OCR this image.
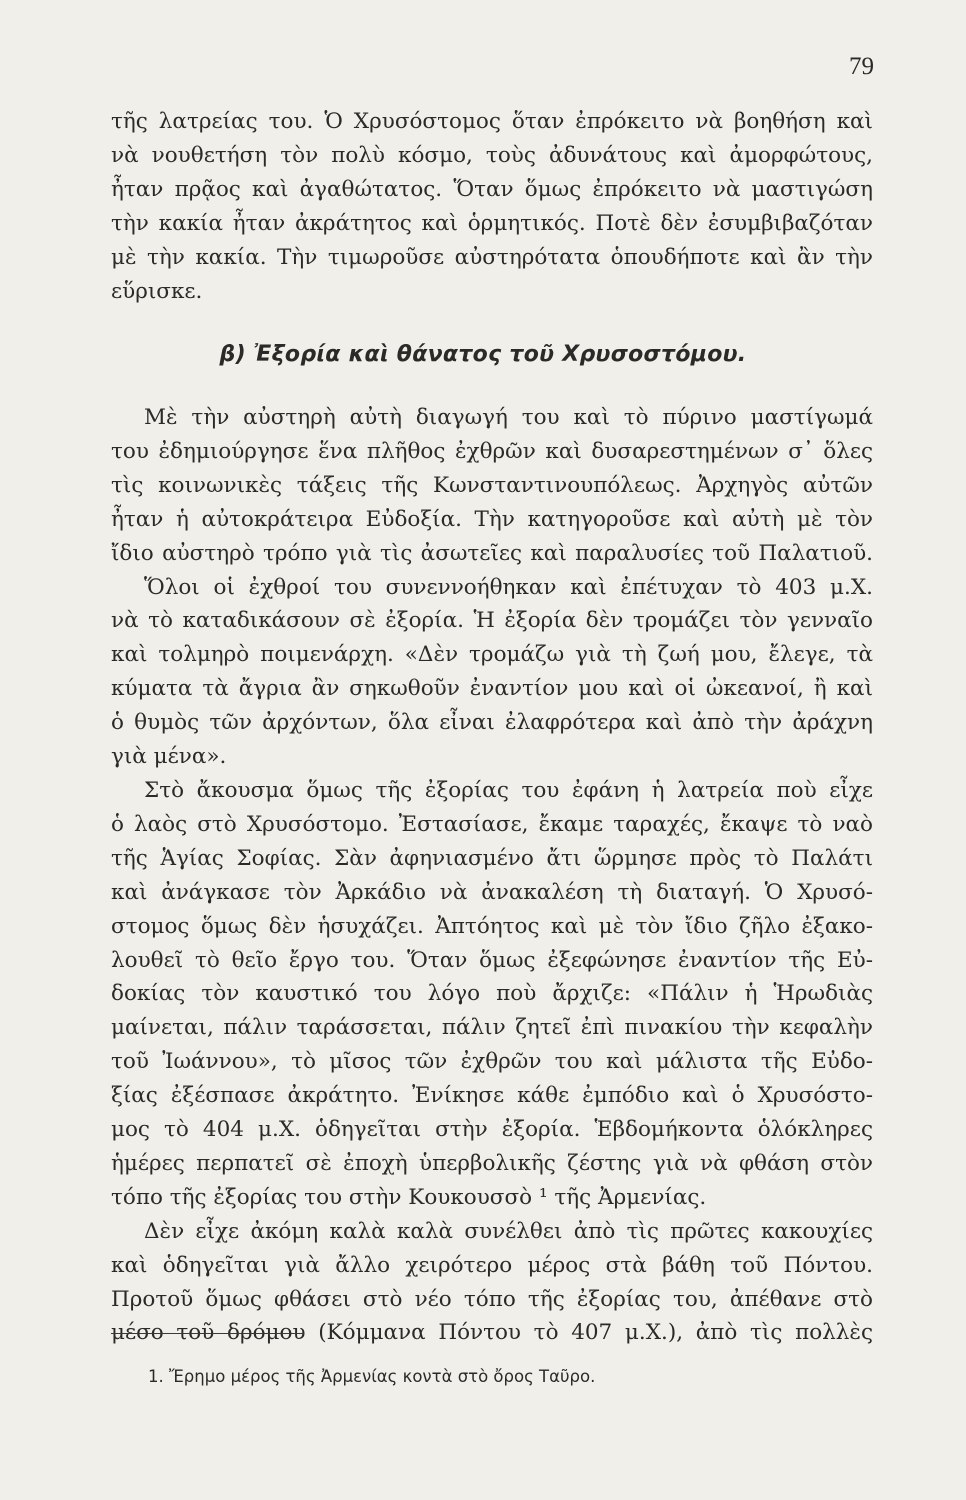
79
τῆς λατρείας του. Ὁ Χρυσόστομος ὅταν ἐπρόκειτο νὰ βοηθήση καὶ
νὰ νουθετήση τὸν πολὺ κόσμο, τοὺς ἀδυνάτους καὶ ἀμορφώτους,
ἦταν πρᾷος καὶ ἀγαθώτατος. Ὅταν ὅμως ἐπρόκειτο νὰ μαστιγώση
τὴν κακία ἦταν ἀκράτητος καὶ ὁρμητικός. Ποτὲ δὲν ἐσυμβιβαζόταν
μὲ τὴν κακία. Τὴν τιμωροῦσε αὐστηρότατα ὁπουδήποτε καὶ ἂν τὴν
εὕρισκε.
β) Ἐξορία καὶ θάνατος τοῦ Χρυσοστόμου.
Μὲ τὴν αὐστηρὴ αὐτὴ διαγωγή του καὶ τὸ πύρινο μαστίγωμά
του ἐδημιούργησε ἕνα πλῆθος ἐχθρῶν καὶ δυσαρεστημένων σ᾽ ὅλες
τὶς κοινωνικὲς τάξεις τῆς Κωνσταντινουπόλεως. Ἀρχηγὸς αὐτῶν
ἦταν ἡ αὐτοκράτειρα Εὐδοξία. Τὴν κατηγοροῦσε καὶ αὐτὴ μὲ τὸν
ἴδιο αὐστηρὸ τρόπο γιὰ τὶς ἀσωτεῖες καὶ παραλυσίες τοῦ Παλατιοῦ.
Ὅλοι οἱ ἐχθροί του συνεννοήθηκαν καὶ ἐπέτυχαν τὸ 403 μ.Χ.
νὰ τὸ καταδικάσουν σὲ ἐξορία. Ἡ ἐξορία δὲν τρομάζει τὸν γενναῖο
καὶ τολμηρὸ ποιμενάρχη. «Δὲν τρομάζω γιὰ τὴ ζωή μου, ἔλεγε, τὰ
κύματα τὰ ἄγρια ἂν σηκωθοῦν ἐναντίον μου καὶ οἱ ὠκεανοί, ἢ καὶ
ὁ θυμὸς τῶν ἀρχόντων, ὅλα εἶναι ἐλαφρότερα καὶ ἀπὸ τὴν ἀράχνη
γιὰ μένα».
Στὸ ἄκουσμα ὅμως τῆς ἐξορίας του ἐφάνη ἡ λατρεία ποὺ εἶχε
ὁ λαὸς στὸ Χρυσόστομο. Ἐστασίασε, ἔκαμε ταραχές, ἔκαψε τὸ ναὸ
τῆς Ἁγίας Σοφίας. Σὰν ἀφηνιασμένο ἄτι ὥρμησε πρὸς τὸ Παλάτι
καὶ ἀνάγκασε τὸν Ἀρκάδιο νὰ ἀνακαλέση τὴ διαταγή. Ὁ Χρυσό-
στομος ὅμως δὲν ἡσυχάζει. Ἀπτόητος καὶ μὲ τὸν ἴδιο ζῆλο ἐξακο-
λουθεῖ τὸ θεῖο ἔργο του. Ὅταν ὅμως ἐξεφώνησε ἐναντίον τῆς Εὐ-
δοκίας τὸν καυστικό του λόγο ποὺ ἄρχιζε: «Πάλιν ἡ Ἡρωδιὰς
μαίνεται, πάλιν ταράσσεται, πάλιν ζητεῖ ἐπὶ πινακίου τὴν κεφαλὴν
τοῦ Ἰωάννου», τὸ μῖσος τῶν ἐχθρῶν του καὶ μάλιστα τῆς Εὐδο-
ξίας ἐξέσπασε ἀκράτητο. Ἐνίκησε κάθε ἐμπόδιο καὶ ὁ Χρυσόστο-
μος τὸ 404 μ.Χ. ὁδηγεῖται στὴν ἐξορία. Ἑβδομήκοντα ὁλόκληρες
ἡμέρες περπατεῖ σὲ ἐποχὴ ὑπερβολικῆς ζέστης γιὰ νὰ φθάση στὸν
τόπο τῆς ἐξορίας του στὴν Κουκουσσὸ ¹ τῆς Ἀρμενίας.
Δὲν εἶχε ἀκόμη καλὰ καλὰ συνέλθει ἀπὸ τὶς πρῶτες κακουχίες
καὶ ὁδηγεῖται γιὰ ἄλλο χειρότερο μέρος στὰ βάθη τοῦ Πόντου.
Προτοῦ ὅμως φθάσει στὸ νέο τόπο τῆς ἐξορίας του, ἀπέθανε στὸ
μέσο τοῦ δρόμου (Κόμμανα Πόντου τὸ 407 μ.Χ.), ἀπὸ τὶς πολλὲς
1. Ἔρημο μέρος τῆς Ἀρμενίας κοντὰ στὸ ὄρος Ταῦρο.
